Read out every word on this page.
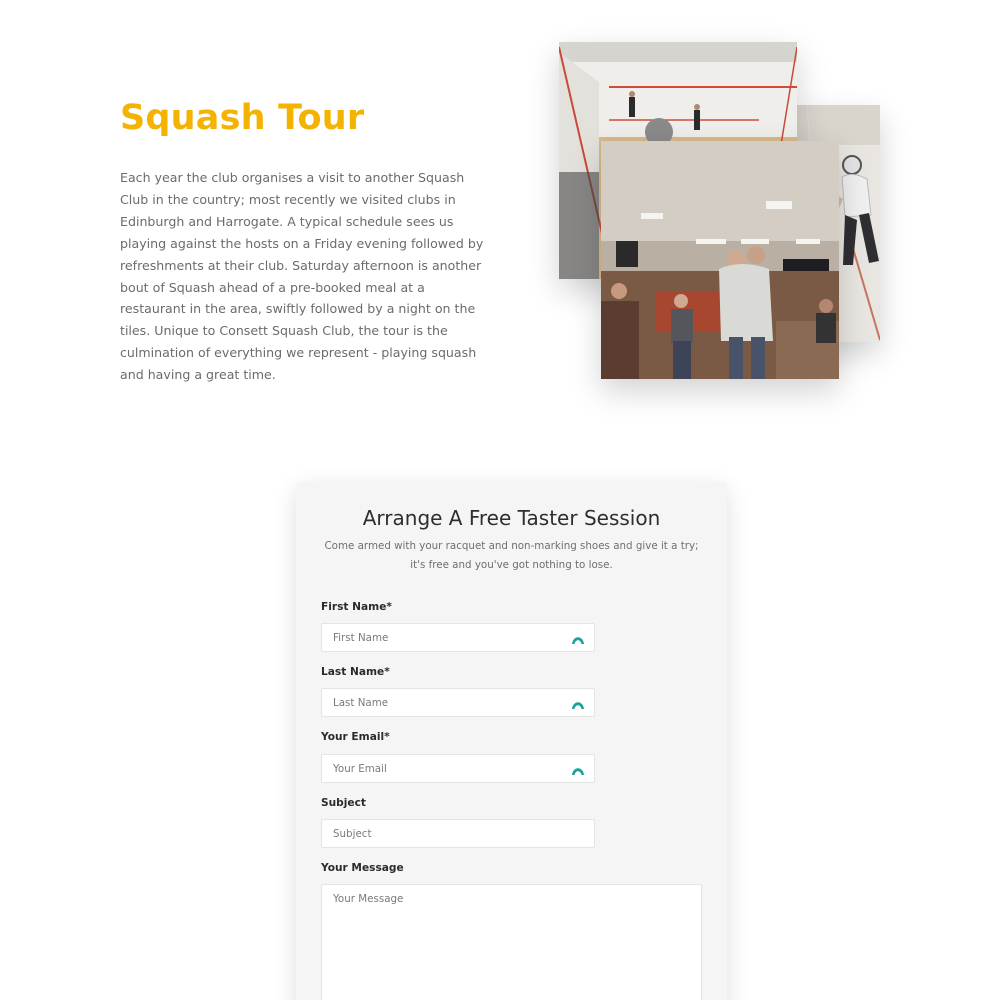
Squash Tour

Each year the club organises a visit to another Squash Club in the country; most recently we visited clubs in Edinburgh and Harrogate. A typical schedule sees us playing against the hosts on a Friday evening followed by refreshments at their club. Saturday afternoon is another bout of Squash ahead of a pre-booked meal at a restaurant in the area, swiftly followed by a night on the tiles. Unique to Consett Squash Club, the tour is the culmination of everything we represent - playing squash and having a great time.

Arrange A Free Taster Session

Come armed with your racquet and non-marking shoes and give it a try; it's free and you've got nothing to lose.

First Name*
First Name
Last Name*
Last Name
Your Email*
Your Email
Subject
Subject
Your Message
Your Message
